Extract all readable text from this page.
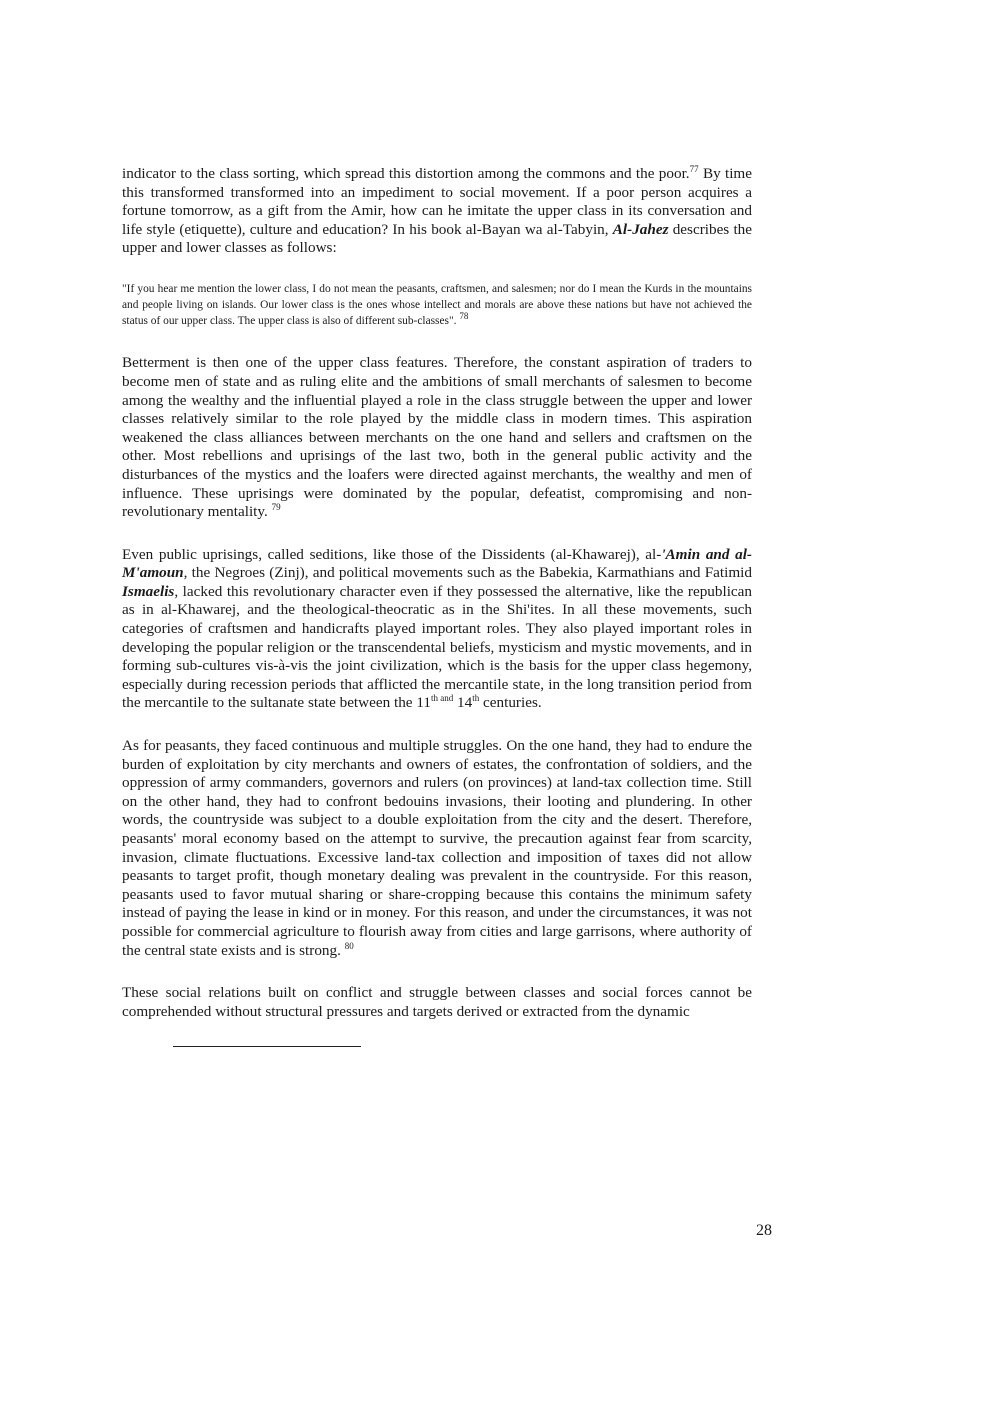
indicator to the class sorting, which spread this distortion among the commons and the poor.$^{77}$ By time this transformed transformed into an impediment to social movement. If a poor person acquires a fortune tomorrow, as a gift from the Amir, how can he imitate the upper class in its conversation and life style (etiquette), culture and education? In his book al-Bayan wa al-Tabyin, Al-Jahez describes the upper and lower classes as follows:

"If you hear me mention the lower class, I do not mean the peasants, craftsmen, and salesmen; nor do I mean the Kurds in the mountains and people living on islands. Our lower class is the ones whose intellect and morals are above these nations but have not achieved the status of our upper class. The upper class is also of different sub-classes". $^{78}$

Betterment is then one of the upper class features. Therefore, the constant aspiration of traders to become men of state and as ruling elite and the ambitions of small merchants of salesmen to become among the wealthy and the influential played a role in the class struggle between the upper and lower classes relatively similar to the role played by the middle class in modern times. This aspiration weakened the class alliances between merchants on the one hand and sellers and craftsmen on the other. Most rebellions and uprisings of the last two, both in the general public activity and the disturbances of the mystics and the loafers were directed against merchants, the wealthy and men of influence. These uprisings were dominated by the popular, defeatist, compromising and non-revolutionary mentality. $^{79}$

Even public uprisings, called seditions, like those of the Dissidents (al-Khawarej), al-'Amin and al-M'amoun, the Negroes (Zinj), and political movements such as the Babekia, Karmathians and Fatimid Ismaelis, lacked this revolutionary character even if they possessed the alternative, like the republican as in al-Khawarej, and the theological-theocratic as in the Shi'ites. In all these movements, such categories of craftsmen and handicrafts played important roles. They also played important roles in developing the popular religion or the transcendental beliefs, mysticism and mystic movements, and in forming sub-cultures vis-à-vis the joint civilization, which is the basis for the upper class hegemony, especially during recession periods that afflicted the mercantile state, in the long transition period from the mercantile to the sultanate state between the $11^{th and}$ 14th centuries.

As for peasants, they faced continuous and multiple struggles. On the one hand, they had to endure the burden of exploitation by city merchants and owners of estates, the confrontation of soldiers, and the oppression of army commanders, governors and rulers (on provinces) at land-tax collection time. Still on the other hand, they had to confront bedouins invasions, their looting and plundering. In other words, the countryside was subject to a double exploitation from the city and the desert. Therefore, peasants' moral economy based on the attempt to survive, the precaution against fear from scarcity, invasion, climate fluctuations. Excessive land-tax collection and imposition of taxes did not allow peasants to target profit, though monetary dealing was prevalent in the countryside. For this reason, peasants used to favor mutual sharing or share-cropping because this contains the minimum safety instead of paying the lease in kind or in money. For this reason, and under the circumstances, it was not possible for commercial agriculture to flourish away from cities and large garrisons, where authority of the central state exists and is strong. $^{80}$

These social relations built on conflict and struggle between classes and social forces cannot be comprehended without structural pressures and targets derived or extracted from the dynamic

28
